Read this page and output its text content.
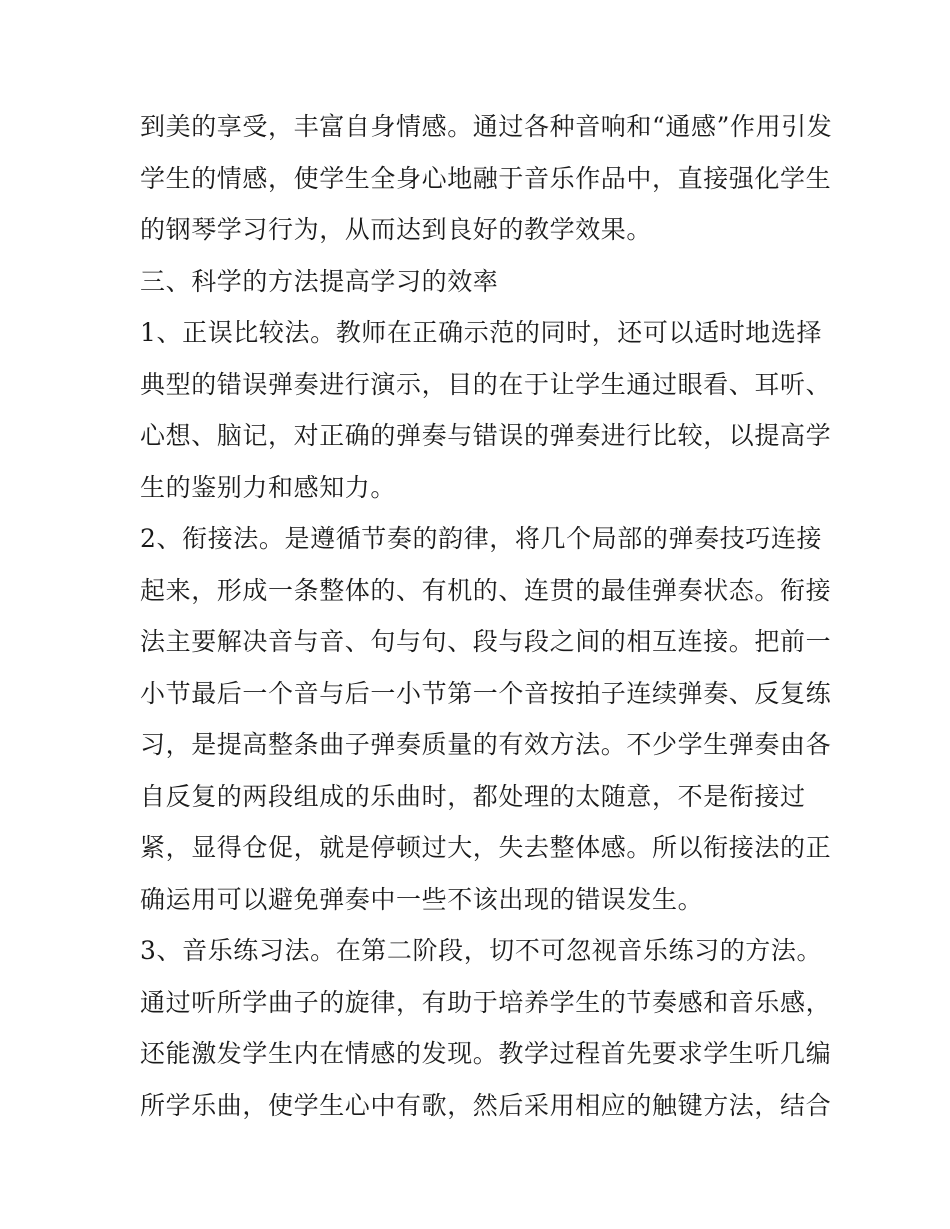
到美的享受，丰富自身情感。通过各种音响和“通感”作用引发
学生的情感，使学生全身心地融于音乐作品中，直接强化学生
的钢琴学习行为，从而达到良好的教学效果。
三、科学的方法提高学习的效率
1、正误比较法。教师在正确示范的同时，还可以适时地选择
典型的错误弹奏进行演示，目的在于让学生通过眼看、耳听、
心想、脑记，对正确的弹奏与错误的弹奏进行比较，以提高学
生的鉴别力和感知力。
2、衔接法。是遵循节奏的韵律，将几个局部的弹奏技巧连接
起来，形成一条整体的、有机的、连贯的最佳弹奏状态。衔接
法主要解决音与音、句与句、段与段之间的相互连接。把前一
小节最后一个音与后一小节第一个音按拍子连续弹奏、反复练
习，是提高整条曲子弹奏质量的有效方法。不少学生弹奏由各
自反复的两段组成的乐曲时，都处理的太随意，不是衔接过
紧，显得仓促，就是停顿过大，失去整体感。所以衔接法的正
确运用可以避免弹奏中一些不该出现的错误发生。
3、音乐练习法。在第二阶段，切不可忽视音乐练习的方法。
通过听所学曲子的旋律，有助于培养学生的节奏感和音乐感，
还能激发学生内在情感的发现。教学过程首先要求学生听几编
所学乐曲，使学生心中有歌，然后采用相应的触键方法，结合
